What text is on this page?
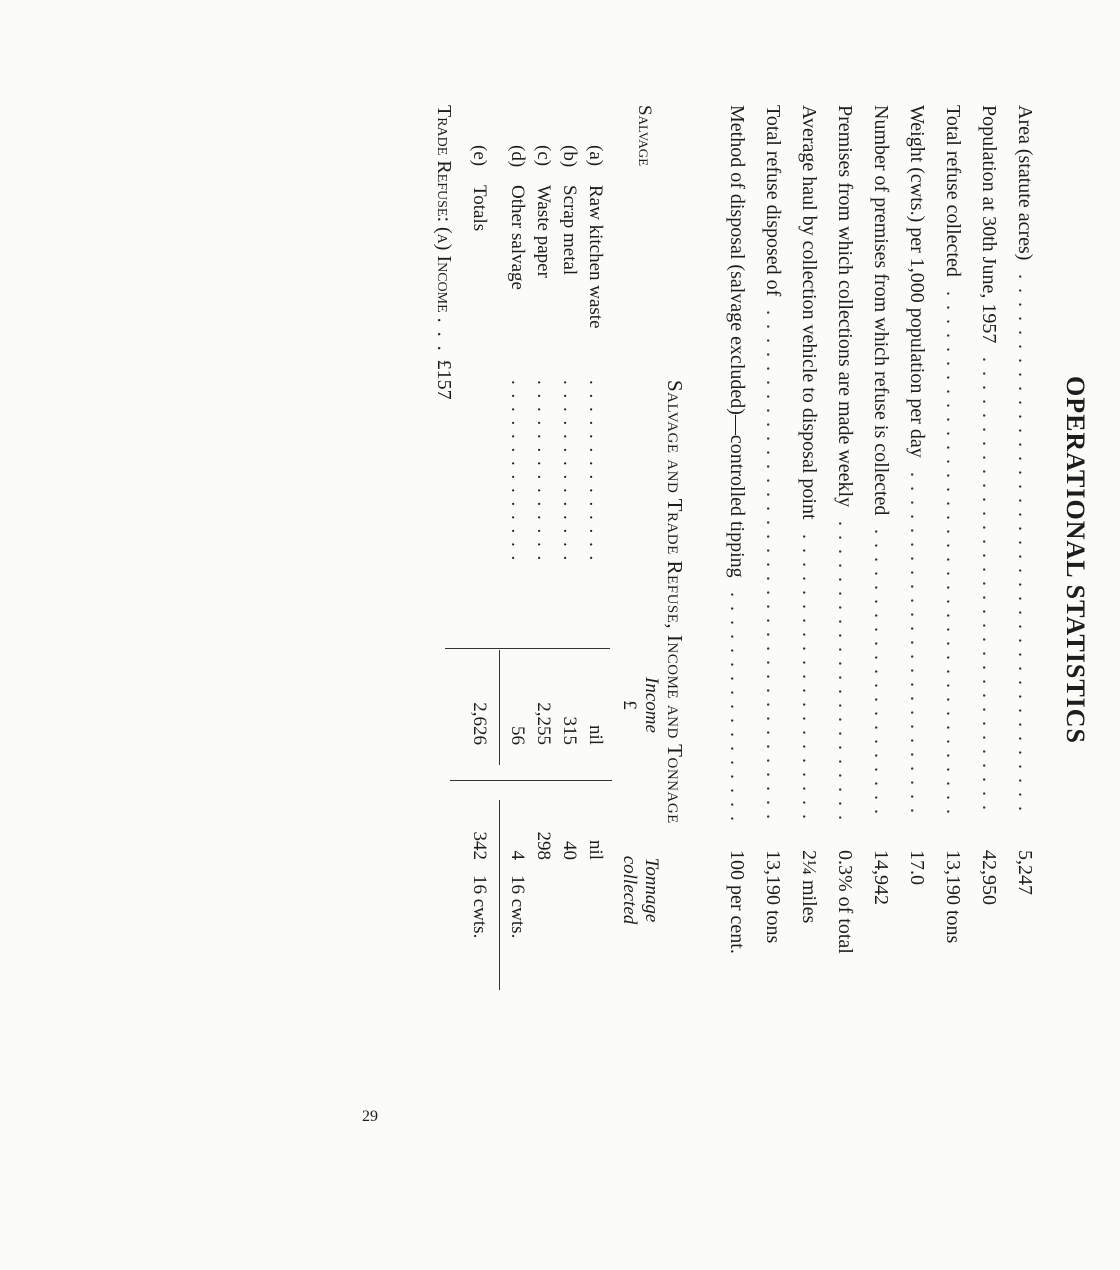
OPERATIONAL STATISTICS
Area (statute acres)
. . . . . . . . . . . . . . . . . . . . . . . . . . . . . . . . . . . . . . .
5,247
Population at 30th June, 1957
. . . . . . . . . . . . . . . . . . . . . . . . . . . . . . . . .
42,950
Total refuse collected
. . . . . . . . . . . . . . . . . . . . . . . . . . . . . . . . . . . . . .
13,190 tons
Weight (cwts.) per 1,000 population per day
. . . . . . . . . . . . . . . . . . . . . . . . .
17.0
Number of premises from which refuse is collected
. . . . . . . . . . . . . . . . . . . . .
14,942
Premises from which collections are made weekly
. . . . . . . . . . . . . . . . . . . . . .
0.3% of total
Average haul by collection vehicle to disposal point
. . . . . . . . . . . . . . . . . . . . .
2¼ miles
Total refuse disposed of
. . . . . . . . . . . . . . . . . . . . . . . . . . . . . . . . . . . . .
13,190 tons
Method of disposal (salvage excluded)—controlled tipping
. . . . . . . . . . . . . . . . .
100 per cent.
Salvage and Trade Refuse, Income and Tonnage
Salvage
Income
£
Tonnage collected
(a)
Raw kitchen waste
. . . . . . . . . . . . . .
nil
nil
(b)
Scrap metal
. . . . . . . . . . . . . .
315
40
(c)
Waste paper
. . . . . . . . . . . . . .
2,255
298
(d)
Other salvage
. . . . . . . . . . . . . .
56
4
16 cwts.
(e)
Totals
2,626
342
16 cwts.
Trade Refuse: (a) Income . . . £157
29
